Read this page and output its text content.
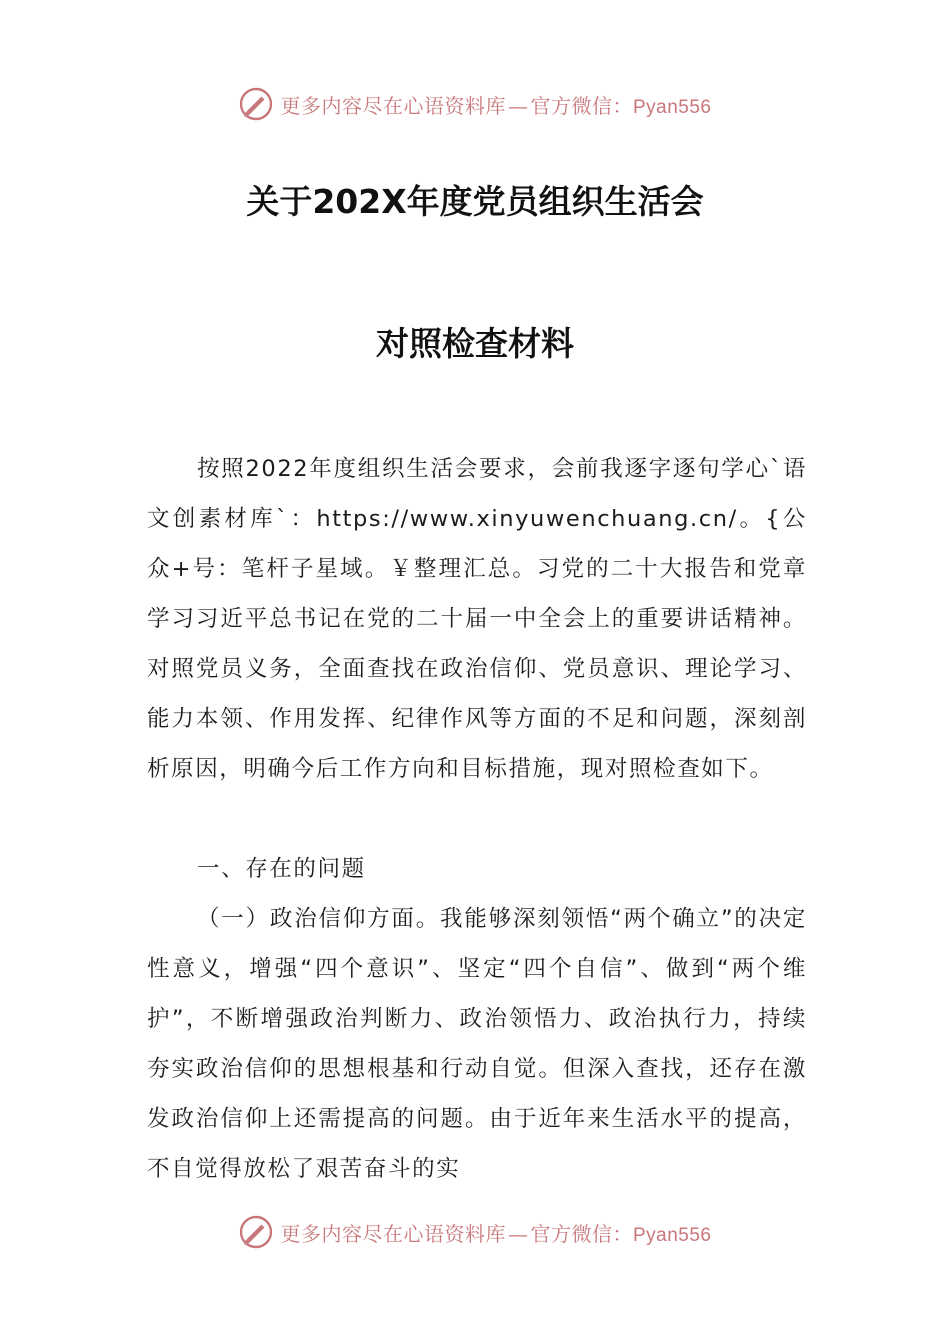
更多内容尽在心语资料库 — 官方微信：Pyan556
关于202X年度党员组织生活会
对照检查材料

按照2022年度组织生活会要求，会前我逐字逐句学心`语文创素材库`：https://www.xinyuwenchuang.cn/。{公众+号：笔杆子星域。￥整理汇总。习党的二十大报告和党章学习习近平总书记在党的二十届一中全会上的重要讲话精神。对照党员义务，全面查找在政治信仰、党员意识、理论学习、能力本领、作用发挥、纪律作风等方面的不足和问题，深刻剖析原因，明确今后工作方向和目标措施，现对照检查如下。

一、存在的问题

（一）政治信仰方面。我能够深刻领悟“两个确立”的决定性意义，增强“四个意识”、坚定“四个自信”、做到“两个维护”，不断增强政治判断力、政治领悟力、政治执行力，持续夯实政治信仰的思想根基和行动自觉。但深入查找，还存在激发政治信仰上还需提高的问题。由于近年来生活水平的提高，不自觉得放松了艰苦奋斗的实

更多内容尽在心语资料库 — 官方微信：Pyan556
